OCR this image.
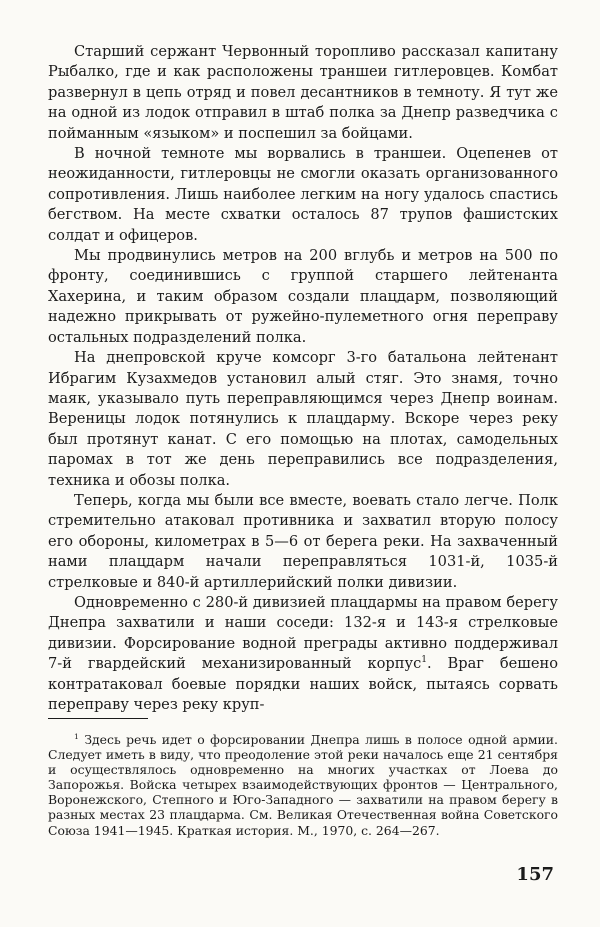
Старший сержант Червонный торопливо рассказал капитану Рыбалко, где и как расположены траншеи гитлеровцев. Комбат развернул в цепь отряд и повел десантников в темноту. Я тут же на одной из лодок отправил в штаб полка за Днепр разведчика с пойманным «языком» и поспешил за бойцами.

В ночной темноте мы ворвались в траншеи. Оцепенев от неожиданности, гитлеровцы не смогли оказать организованного сопротивления. Лишь наиболее легким на ногу удалось спастись бегством. На месте схватки осталось 87 трупов фашистских солдат и офицеров.

Мы продвинулись метров на 200 вглубь и метров на 500 по фронту, соединившись с группой старшего лейтенанта Хахерина, и таким образом создали плацдарм, позволяющий надежно прикрывать от ружейно-пулеметного огня переправу остальных подразделений полка.

На днепровской круче комсорг 3-го батальона лейтенант Ибрагим Кузахмедов установил алый стяг. Это знамя, точно маяк, указывало путь переправляющимся через Днепр воинам. Вереницы лодок потянулись к плацдарму. Вскоре через реку был протянут канат. С его помощью на плотах, самодельных паромах в тот же день переправились все подразделения, техника и обозы полка.

Теперь, когда мы были все вместе, воевать стало легче. Полк стремительно атаковал противника и захватил вторую полосу его обороны, километрах в 5—6 от берега реки. На захваченный нами плацдарм начали переправляться 1031-й, 1035-й стрелковые и 840-й артиллерийский полки дивизии.

Одновременно с 280-й дивизией плацдармы на правом берегу Днепра захватили и наши соседи: 132-я и 143-я стрелковые дивизии. Форсирование водной преграды активно поддерживал 7-й гвардейский механизированный корпус$^1$. Враг бешено контратаковал боевые порядки наших войск, пытаясь сорвать переправу через реку круп-

$^1$ Здесь речь идет о форсировании Днепра лишь в полосе одной армии. Следует иметь в виду, что преодоление этой реки началось еще 21 сентября и осуществлялось одновременно на многих участках от Лоева до Запорожья. Войска четырех взаимодействующих фронтов — Центрального, Воронежского, Степного и Юго-Западного — захватили на правом берегу в разных местах 23 плацдарма. См. Великая Отечественная война Советского Союза 1941—1945. Краткая история. М., 1970, с. 264—267.

157
